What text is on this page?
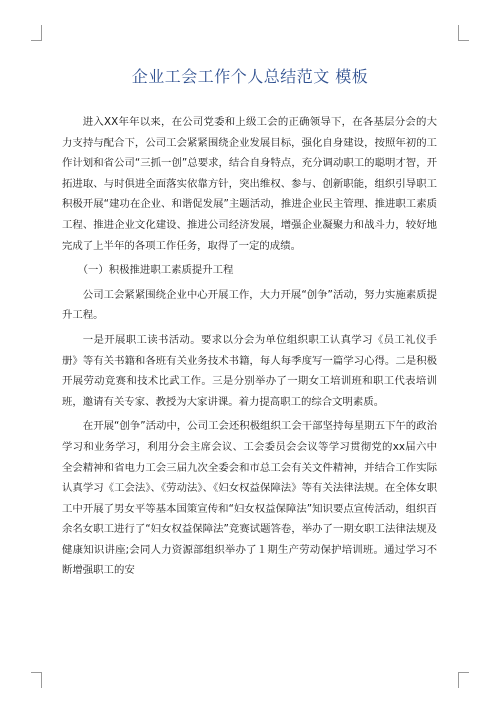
企业工会工作个人总结范文 模板

进入XX年年以来，在公司党委和上级工会的正确领导下，在各基层分会的大力支持与配合下，公司工会紧紧围绕企业发展目标，强化自身建设，按照年初的工作计划和省公司“三抓一创”总要求，结合自身特点，充分调动职工的聪明才智，开拓进取、与时俱进全面落实依靠方针，突出维权、参与、创新职能，组织引导职工积极开展“建功在企业、和谐促发展”主题活动，推进企业民主管理、推进职工素质工程、推进企业文化建设、推进公司经济发展，增强企业凝聚力和战斗力，较好地完成了上半年的各项工作任务，取得了一定的成绩。

（一）积极推进职工素质提升工程

公司工会紧紧围绕企业中心开展工作，大力开展“创争”活动，努力实施素质提升工程。

一是开展职工读书活动。要求以分会为单位组织职工认真学习《员工礼仪手册》等有关书籍和各班有关业务技术书籍，每人每季度写一篇学习心得。二是积极开展劳动竞赛和技术比武工作。三是分别举办了一期女工培训班和职工代表培训班，邀请有关专家、教授为大家讲课。着力提高职工的综合文明素质。

在开展“创争”活动中，公司工会还积极组织工会干部坚持每星期五下午的政治学习和业务学习，利用分会主席会议、工会委员会会议等学习贯彻党的xx届六中全会精神和省电力工会三届九次全委会和市总工会有关文件精神，并结合工作实际认真学习《工会法》、《劳动法》、《妇女权益保障法》等有关法律法规。在全体女职工中开展了男女平等基本国策宣传和“妇女权益保障法”知识要点宣传活动，组织百余名女职工进行了“妇女权益保障法”竞赛试题答卷，举办了一期女职工法律法规及健康知识讲座;会同人力资源部组织举办了１期生产劳动保护培训班。通过学习不断增强职工的安
